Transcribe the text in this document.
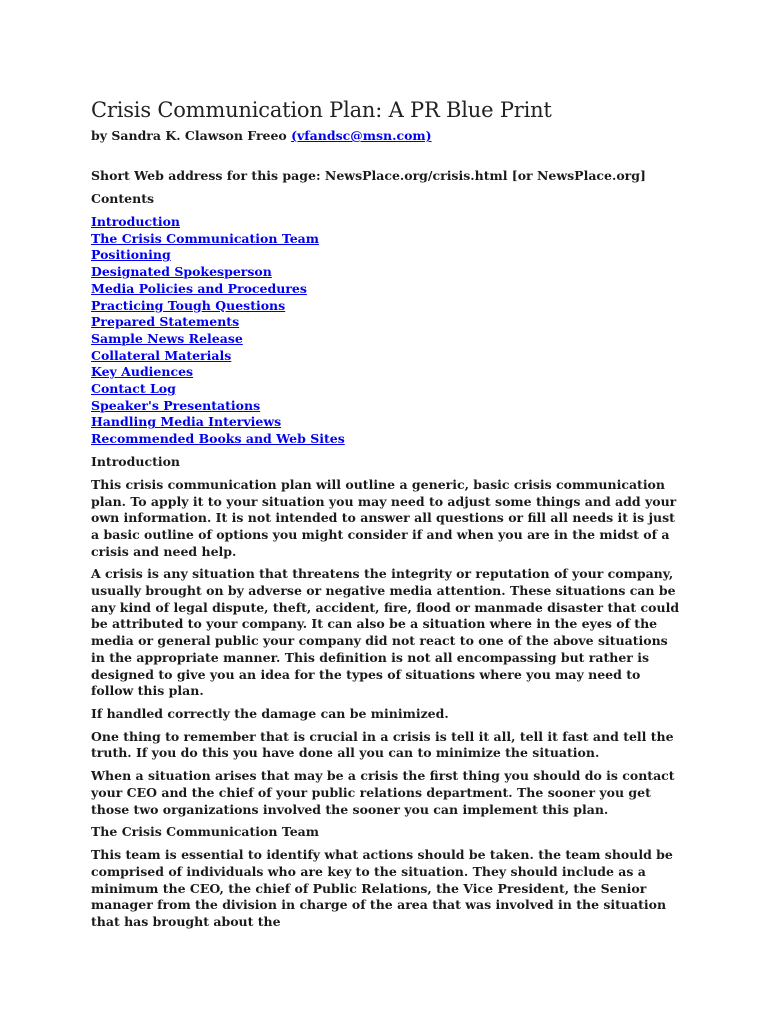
Crisis Communication Plan: A PR Blue Print
by Sandra K. Clawson Freeo (vfandsc@msn.com)
Short Web address for this page: NewsPlace.org/crisis.html [or NewsPlace.org]
Contents
Introduction
The Crisis Communication Team
Positioning
Designated Spokesperson
Media Policies and Procedures
Practicing Tough Questions
Prepared Statements
Sample News Release
Collateral Materials
Key Audiences
Contact Log
Speaker's Presentations
Handling Media Interviews
Recommended Books and Web Sites
Introduction

This crisis communication plan will outline a generic, basic crisis communication plan. To apply it to your situation you may need to adjust some things and add your own information. It is not intended to answer all questions or fill all needs it is just a basic outline of options you might consider if and when you are in the midst of a crisis and need help.

A crisis is any situation that threatens the integrity or reputation of your company, usually brought on by adverse or negative media attention. These situations can be any kind of legal dispute, theft, accident, fire, flood or manmade disaster that could be attributed to your company. It can also be a situation where in the eyes of the media or general public your company did not react to one of the above situations in the appropriate manner. This definition is not all encompassing but rather is designed to give you an idea for the types of situations where you may need to follow this plan.

If handled correctly the damage can be minimized.

One thing to remember that is crucial in a crisis is tell it all, tell it fast and tell the truth. If you do this you have done all you can to minimize the situation.

When a situation arises that may be a crisis the first thing you should do is contact your CEO and the chief of your public relations department. The sooner you get those two organizations involved the sooner you can implement this plan.

The Crisis Communication Team

This team is essential to identify what actions should be taken. the team should be comprised of individuals who are key to the situation. They should include as a minimum the CEO, the chief of Public Relations, the Vice President, the Senior manager from the division in charge of the area that was involved in the situation that has brought about the
